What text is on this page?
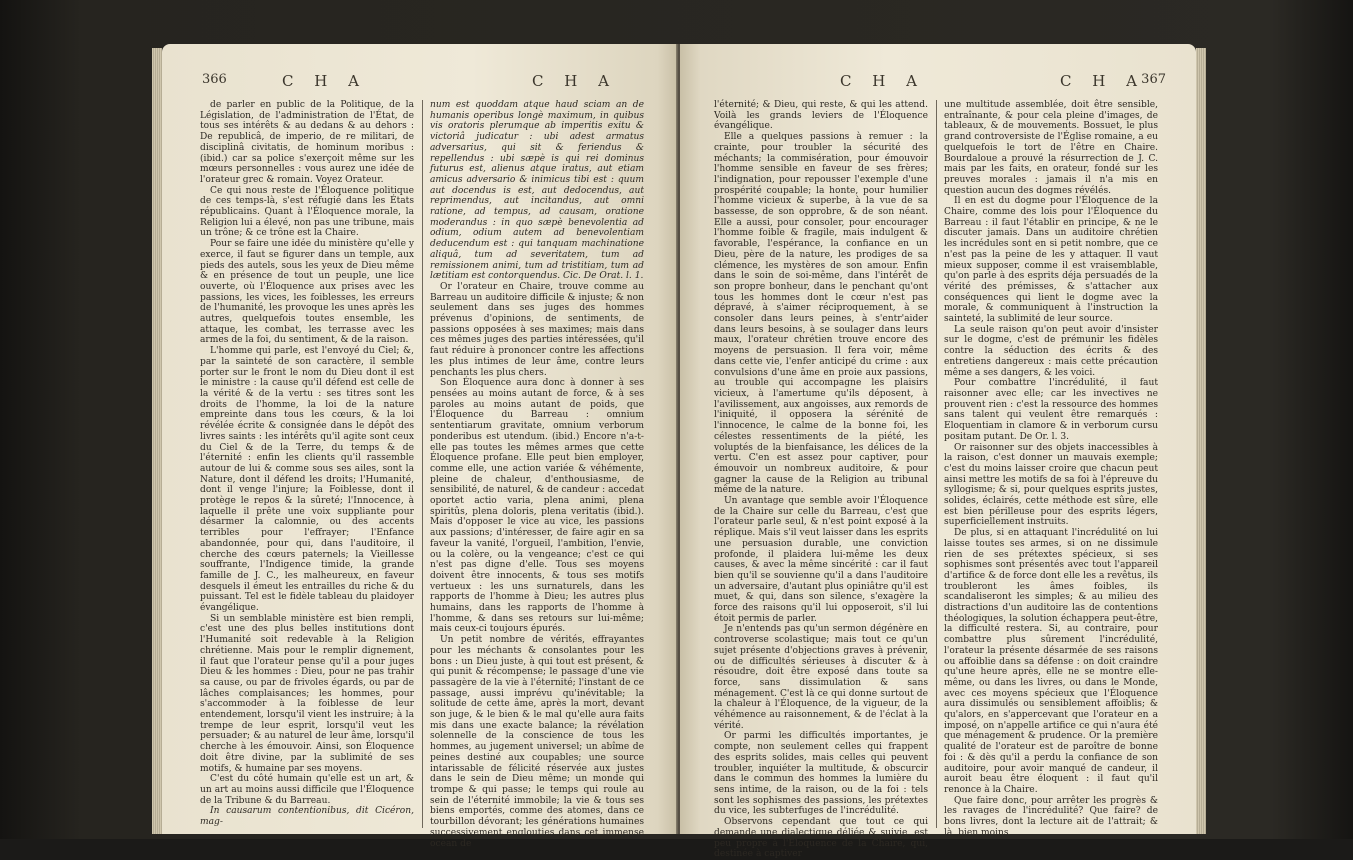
366	C H A	C H A

de parler en public de la Politique, de la Législation, de l'administration de l'État, de tous ses intérêts & au dedans & au dehors : De republicâ, de imperio, de re militari, de disciplinâ civitatis, de hominum moribus : (ibid.) car sa police s'exerçoit même sur les mœurs personnelles : vous aurez une idée de l'orateur grec & romain. Voyez Orateur.

Ce qui nous reste de l'Éloquence politique de ces temps-là, s'est réfugié dans les États républicains. Quant à l'Éloquence morale, la Religion lui a élevé, non pas une tribune, mais un trône; & ce trône est la Chaire.

Pour se faire une idée du ministère qu'elle y exerce, il faut se figurer dans un temple, aux pieds des autels, sous les yeux de Dieu même & en présence de tout un peuple, une lice ouverte, où l'Éloquence aux prises avec les passions, les vices, les foiblesses, les erreurs de l'humanité, les provoque les unes après les autres, quelquefois toutes ensemble, les attaque, les combat, les terrasse avec les armes de la foi, du sentiment, & de la raison.

L'homme qui parle, est l'envoyé du Ciel; &, par la sainteté de son caractère, il semble porter sur le front le nom du Dieu dont il est le ministre : la cause qu'il défend est celle de la vérité & de la vertu : ses titres sont les droits de l'homme, la loi de la nature empreinte dans tous les cœurs, & la loi révélée écrite & consignée dans le dépôt des livres saints : les intérêts qu'il agite sont ceux du Ciel & de la Terre, du temps & de l'éternité : enfin les clients qu'il rassemble autour de lui & comme sous ses ailes, sont la Nature, dont il défend les droits; l'Humanité, dont il venge l'injure; la Foiblesse, dont il protège le repos & la sûreté; l'Innocence, à laquelle il prête une voix suppliante pour désarmer la calomnie, ou des accents terribles pour l'effrayer; l'Enfance abandonnée, pour qui, dans l'auditoire, il cherche des cœurs paternels; la Vieillesse souffrante, l'Indigence timide, la grande famille de J. C., les malheureux, en faveur desquels il émeut les entrailles du riche & du puissant. Tel est le fidèle tableau du plaidoyer évangélique.

Si un semblable ministère est bien rempli, c'est une des plus belles institutions dont l'Humanité soit redevable à la Religion chrétienne. Mais pour le remplir dignement, il faut que l'orateur pense qu'il a pour juges Dieu & les hommes : Dieu, pour ne pas trahir sa cause, ou par de frivoles égards, ou par de lâches complaisances; les hommes, pour s'accommoder à la foiblesse de leur entendement, lorsqu'il vient les instruire; à la trempe de leur esprit, lorsqu'il veut les persuader; & au naturel de leur âme, lorsqu'il cherche à les émouvoir. Ainsi, son Éloquence doit être divine, par la sublimité de ses motifs, & humaine par ses moyens.

C'est du côté humain qu'elle est un art, & un art au moins aussi difficile que l'Éloquence de la Tribune & du Barreau.

In causarum contentionibus, dit Cicéron, mag-

num est quoddam atque haud sciam an de humanis operibus longè maximum, in quibus vis oratoris plerumque ab imperitis exitu & victoriâ judicatur : ubi adest armatus adversarius, qui sit & feriendus & repellendus : ubi sæpè is qui rei dominus futurus est, alienus atque iratus, aut etiam amicus adversario & inimicus tibi est : quum aut docendus is est, aut dedocendus, aut reprimendus, aut incitandus, aut omni ratione, ad tempus, ad causam, oratione moderandus : in quo sæpè benevolentia ad odium, odium autem ad benevolentiam deducendum est : qui tanquam machinatione aliquâ, tum ad severitatem, tum ad remissionem animi, tum ad tristitiam, tum ad lætitiam est contorquendus. Cic. De Orat. l. 1.

Or l'orateur en Chaire, trouve comme au Barreau un auditoire difficile & injuste; & non seulement dans ses juges des hommes prévenus d'opinions, de sentiments, de passions opposées à ses maximes; mais dans ces mêmes juges des parties intéressées, qu'il faut réduire à prononcer contre les affections les plus intimes de leur âme, contre leurs penchants les plus chers.

Son Éloquence aura donc à donner à ses pensées au moins autant de force, & à ses paroles au moins autant de poids, que l'Éloquence du Barreau : omnium sententiarum gravitate, omnium verborum ponderibus est utendum. (ibid.) Encore n'a-t-elle pas toutes les mêmes armes que cette Éloquence profane. Elle peut bien employer, comme elle, une action variée & véhémente, pleine de chaleur, d'enthousiasme, de sensibilité, de naturel, & de candeur : accedat oportet actio varia, plena animi, plena spiritûs, plena doloris, plena veritatis (ibid.). Mais d'opposer le vice au vice, les passions aux passions; d'intéresser, de faire agir en sa faveur la vanité, l'orgueil, l'ambition, l'envie, ou la colère, ou la vengeance; c'est ce qui n'est pas digne d'elle. Tous ses moyens doivent être innocents, & tous ses motifs vertueux : les uns surnaturels, dans les rapports de l'homme à Dieu; les autres plus humains, dans les rapports de l'homme à l'homme, & dans ses retours sur lui-même; mais ceux-ci toujours épurés.

Un petit nombre de vérités, effrayantes pour les méchants & consolantes pour les bons : un Dieu juste, à qui tout est présent, & qui punit & récompense; le passage d'une vie passagère de la vie à l'éternité; l'instant de ce passage, aussi imprévu qu'inévitable; la solitude de cette âme, après la mort, devant son juge, & le bien & le mal qu'elle aura faits mis dans une exacte balance; la révélation solennelle de la conscience de tous les hommes, au jugement universel; un abîme de peines destiné aux coupables; une source intarissable de félicité réservée aux justes dans le sein de Dieu même; un monde qui trompe & qui passe; le temps qui roule au sein de l'éternité immobile; la vie & tous ses biens emportés, comme des atomes, dans ce tourbillon dévorant; les générations humaines successivement englouties dans cet immense océan de

C H A	C H A
367

l'éternité; & Dieu, qui reste, & qui les attend. Voilà les grands leviers de l'Éloquence évangélique.

Elle a quelques passions à remuer : la crainte, pour troubler la sécurité des méchants; la commisération, pour émouvoir l'homme sensible en faveur de ses frères; l'indignation, pour repousser l'exemple d'une prospérité coupable; la honte, pour humilier l'homme vicieux & superbe, à la vue de sa bassesse, de son opprobre, & de son néant. Elle a aussi, pour consoler, pour encourager l'homme foible & fragile, mais indulgent & favorable, l'espérance, la confiance en un Dieu, père de la nature, les prodiges de sa clémence, les mystères de son amour. Enfin dans le soin de soi-même, dans l'intérêt de son propre bonheur, dans le penchant qu'ont tous les hommes dont le cœur n'est pas dépravé, à s'aimer réciproquement, à se consoler dans leurs peines, à s'entr'aider dans leurs besoins, à se soulager dans leurs maux, l'orateur chrétien trouve encore des moyens de persuasion. Il fera voir, même dans cette vie, l'enfer anticipé du crime : aux convulsions d'une âme en proie aux passions, au trouble qui accompagne les plaisirs vicieux, à l'amertume qu'ils déposent, à l'avilissement, aux angoisses, aux remords de l'iniquité, il opposera la sérénité de l'innocence, le calme de la bonne foi, les célestes ressentiments de la piété, les voluptés de la bienfaisance, les délices de la vertu. C'en est assez pour captiver, pour émouvoir un nombreux auditoire, & pour gagner la cause de la Religion au tribunal même de la nature.

Un avantage que semble avoir l'Éloquence de la Chaire sur celle du Barreau, c'est que l'orateur parle seul, & n'est point exposé à la réplique. Mais s'il veut laisser dans les esprits une persuasion durable, une conviction profonde, il plaidera lui-même les deux causes, & avec la même sincérité : car il faut bien qu'il se souvienne qu'il a dans l'auditoire un adversaire, d'autant plus opiniâtre qu'il est muet, & qui, dans son silence, s'exagère la force des raisons qu'il lui opposeroit, s'il lui étoit permis de parler.

Je n'entends pas qu'un sermon dégénère en controverse scolastique; mais tout ce qu'un sujet présente d'objections graves à prévenir, ou de difficultés sérieuses à discuter & à résoudre, doit être exposé dans toute sa force, sans dissimulation & sans ménagement. C'est là ce qui donne surtout de la chaleur à l'Éloquence, de la vigueur, de la véhémence au raisonnement, & de l'éclat à la vérité.

Or parmi les difficultés importantes, je compte, non seulement celles qui frappent des esprits solides, mais celles qui peuvent troubler, inquiéter la multitude, & obscurcir dans le commun des hommes la lumière du sens intime, de la raison, ou de la foi : tels sont les sophismes des passions, les prétextes du vice, les subterfuges de l'incrédulité.

Observons cependant que tout ce qui demande une dialectique déliée & suivie, est peu propre à l'Éloquence de la Chaire, qui, destinée à captiver

une multitude assemblée, doit être sensible, entraînante, & pour cela pleine d'images, de tableaux, & de mouvements. Bossuet, le plus grand controversiste de l'Église romaine, a eu quelquefois le tort de l'être en Chaire. Bourdaloue a prouvé la résurrection de J. C. mais par les faits, en orateur, fondé sur les preuves morales : jamais il n'a mis en question aucun des dogmes révélés.

Il en est du dogme pour l'Éloquence de la Chaire, comme des lois pour l'Éloquence du Barreau : il faut l'établir en principe, & ne le discuter jamais. Dans un auditoire chrétien les incrédules sont en si petit nombre, que ce n'est pas la peine de les y attaquer. Il vaut mieux supposer, comme il est vraisemblable, qu'on parle à des esprits déja persuadés de la vérité des prémisses, & s'attacher aux conséquences qui lient le dogme avec la morale, & communiquent à l'instruction la sainteté, la sublimité de leur source.

La seule raison qu'on peut avoir d'insister sur le dogme, c'est de prémunir les fidèles contre la séduction des écrits & des entretiens dangereux : mais cette précaution même a ses dangers, & les voici.

Pour combattre l'incrédulité, il faut raisonner avec elle; car les invectives ne prouvent rien : c'est la ressource des hommes sans talent qui veulent être remarqués : Eloquentiam in clamore & in verborum cursu positam putant. De Or. l. 3.

Or raisonner sur des objets inaccessibles à la raison, c'est donner un mauvais exemple; c'est du moins laisser croire que chacun peut ainsi mettre les motifs de sa foi à l'épreuve du syllogisme; & si, pour quelques esprits justes, solides, éclairés, cette méthode est sûre, elle est bien périlleuse pour des esprits légers, superficiellement instruits.

De plus, si en attaquant l'incrédulité on lui laisse toutes ses armes, si on ne dissimule rien de ses prétextes spécieux, si ses sophismes sont présentés avec tout l'appareil d'artifice & de force dont elle les a revêtus, ils troubleront les âmes foibles, ils scandaliseront les simples; & au milieu des distractions d'un auditoire las de contentions théologiques, la solution échappera peut-être, la difficulté restera. Si, au contraire, pour combattre plus sûrement l'incrédulité, l'orateur la présente désarmée de ses raisons ou affoiblie dans sa défense : on doit craindre qu'une heure après, elle ne se montre elle-même, ou dans les livres, ou dans le Monde, avec ces moyens spécieux que l'Éloquence aura dissimulés ou sensiblement affoiblis; & qu'alors, en s'appercevant que l'orateur en a imposé, on n'appelle artifice ce qui n'aura été que ménagement & prudence. Or la première qualité de l'orateur est de paroître de bonne foi : & dès qu'il a perdu la confiance de son auditoire, pour avoir manqué de candeur, il auroit beau être éloquent : il faut qu'il renonce à la Chaire.

Que faire donc, pour arrêter les progrès & les ravages de l'incrédulité? Que faire? de bons livres, dont la lecture ait de l'attrait; & là, bien moins
